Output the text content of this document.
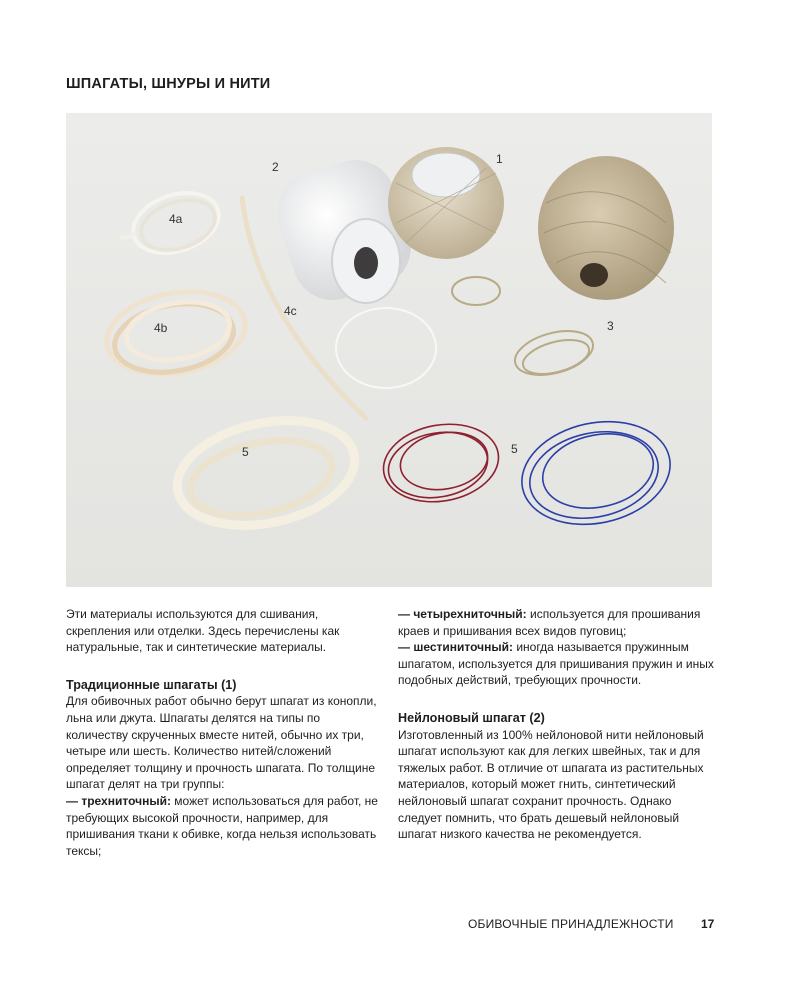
ШПАГАТЫ, ШНУРЫ И НИТИ
1
2
3
4a
4b
4c
5	5

Эти материалы используются для сшивания, скрепления или отделки. Здесь перечислены как натуральные, так и синтетические материалы.

Традиционные шпагаты (1)

Для обивочных работ обычно берут шпагат из конопли, льна или джута. Шпагаты делятся на типы по количеству скрученных вместе нитей, обычно их три, четыре или шесть. Количество нитей/сложений определяет толщину и прочность шпагата. По толщине шпагат делят на три группы:

— трехниточный: может использоваться для работ, не требующих высокой прочности, например, для пришивания ткани к обивке, когда нельзя использовать тексы;

— четырехниточный: используется для прошивания краев и пришивания всех видов пуговиц;

— шестиниточный: иногда называется пружинным шпагатом, используется для пришивания пружин и иных подобных действий, требующих прочности.

Нейлоновый шпагат (2)

Изготовленный из 100% нейлоновой нити нейлоновый шпагат используют как для легких швейных, так и для тяжелых работ. В отличие от шпагата из растительных материалов, который может гнить, синтетический нейлоновый шпагат сохранит прочность. Однако следует помнить, что брать дешевый нейлоновый шпагат низкого качества не рекомендуется.

ОБИВОЧНЫЕ ПРИНАДЛЕЖНОСТИ 17
